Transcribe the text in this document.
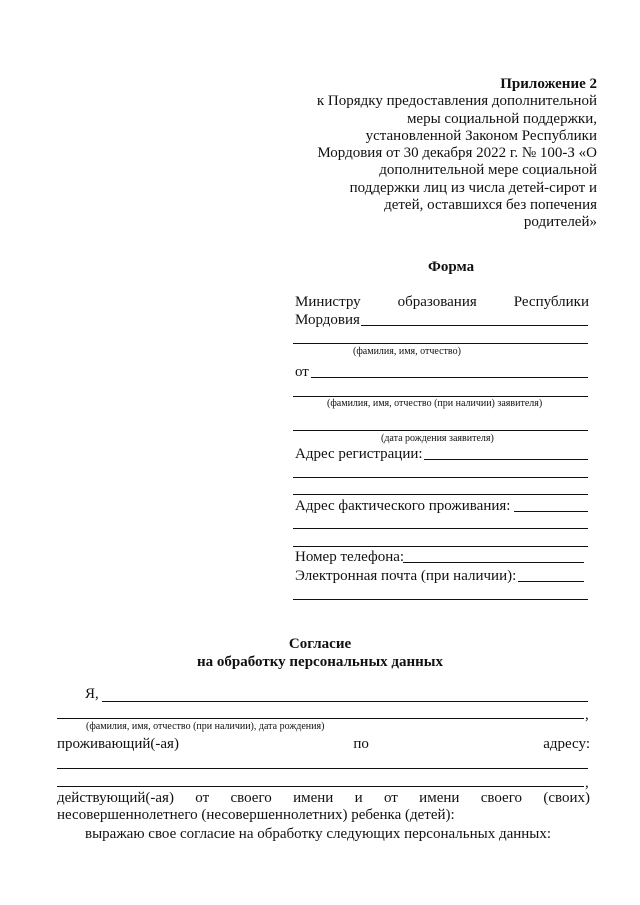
Приложение 2
к Порядку предоставления дополнительной
меры социальной поддержки,
установленной Законом Республики
Мордовия от 30 декабря 2022 г. № 100-З «О
дополнительной мере социальной
поддержки лиц из числа детей-сирот и
детей, оставшихся без попечения
родителей»
Форма
Министру образования Республики
Мордовия
(фамилия, имя, отчество)
от
(фамилия, имя, отчество (при наличии) заявителя)
(дата рождения заявителя)
Адрес регистрации:
Адрес фактического проживания:
Номер телефона:
Электронная почта (при наличии):
Согласие
на обработку персональных данных
Я,
,
(фамилия, имя, отчество (при наличии), дата рождения)
проживающий(-ая)	по	адресу:
,
действующий(-ая) от своего имени и от имени своего (своих)
несовершеннолетнего (несовершеннолетних) ребенка (детей):
выражаю свое согласие на обработку следующих персональных данных:
